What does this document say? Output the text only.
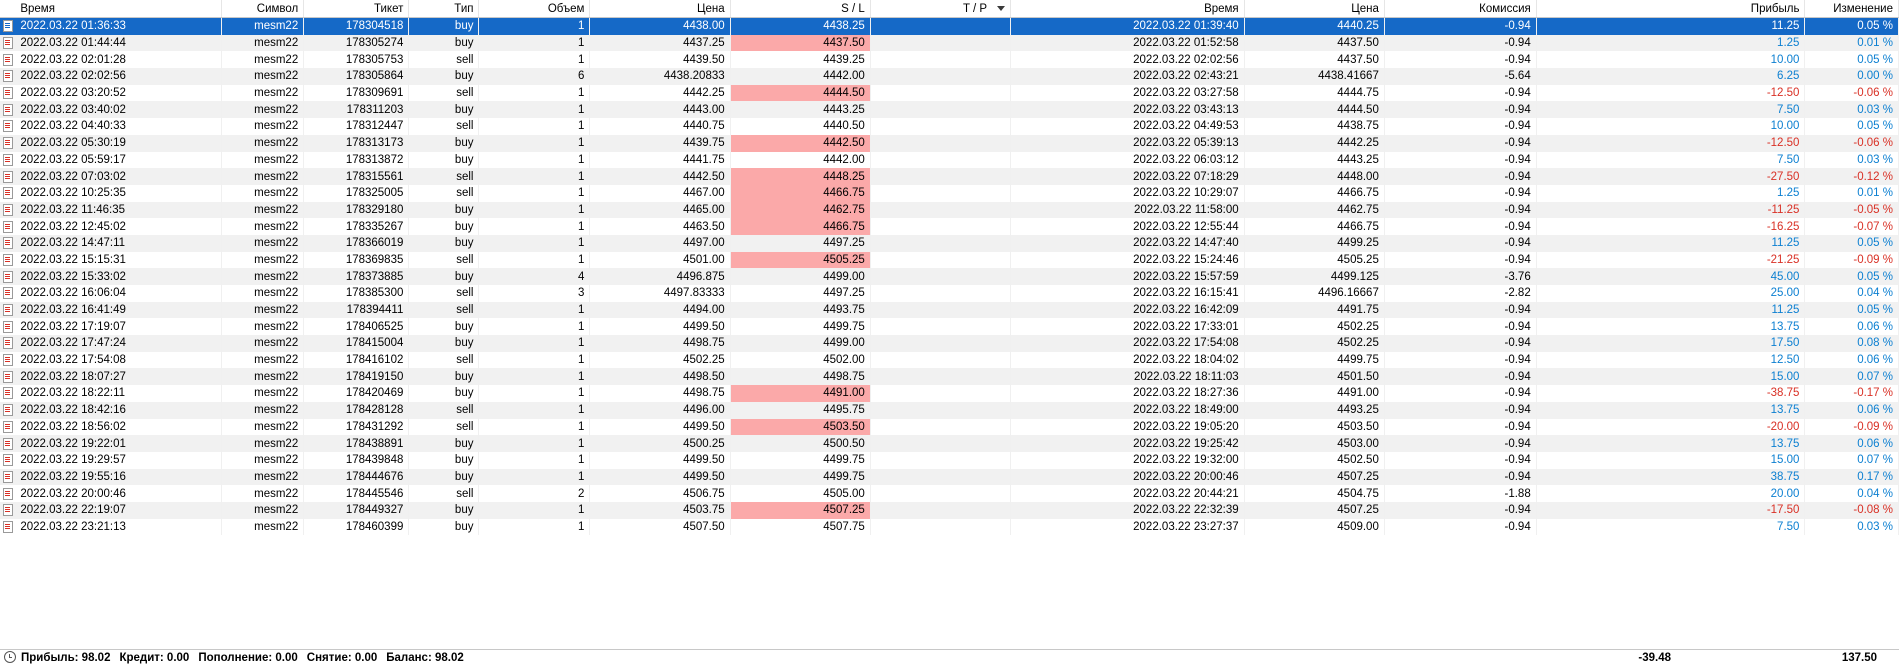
	Время	Символ	Тикет	Тип	Объем	Цена	S / L	T / P	Время	Цена	Комиссия	Прибыль	Изменение
	2022.03.22 01:36:33	mesm22	178304518	buy	1	4438.00	4438.25		2022.03.22 01:39:40	4440.25	-0.94	11.25	0.05 %
	2022.03.22 01:44:44	mesm22	178305274	buy	1	4437.25	4437.50		2022.03.22 01:52:58	4437.50	-0.94	1.25	0.01 %
	2022.03.22 02:01:28	mesm22	178305753	sell	1	4439.50	4439.25		2022.03.22 02:02:56	4437.50	-0.94	10.00	0.05 %
	2022.03.22 02:02:56	mesm22	178305864	buy	6	4438.20833	4442.00		2022.03.22 02:43:21	4438.41667	-5.64	6.25	0.00 %
	2022.03.22 03:20:52	mesm22	178309691	sell	1	4442.25	4444.50		2022.03.22 03:27:58	4444.75	-0.94	-12.50	-0.06 %
	2022.03.22 03:40:02	mesm22	178311203	buy	1	4443.00	4443.25		2022.03.22 03:43:13	4444.50	-0.94	7.50	0.03 %
	2022.03.22 04:40:33	mesm22	178312447	sell	1	4440.75	4440.50		2022.03.22 04:49:53	4438.75	-0.94	10.00	0.05 %
	2022.03.22 05:30:19	mesm22	178313173	buy	1	4439.75	4442.50		2022.03.22 05:39:13	4442.25	-0.94	-12.50	-0.06 %
	2022.03.22 05:59:17	mesm22	178313872	buy	1	4441.75	4442.00		2022.03.22 06:03:12	4443.25	-0.94	7.50	0.03 %
	2022.03.22 07:03:02	mesm22	178315561	sell	1	4442.50	4448.25		2022.03.22 07:18:29	4448.00	-0.94	-27.50	-0.12 %
	2022.03.22 10:25:35	mesm22	178325005	sell	1	4467.00	4466.75		2022.03.22 10:29:07	4466.75	-0.94	1.25	0.01 %
	2022.03.22 11:46:35	mesm22	178329180	buy	1	4465.00	4462.75		2022.03.22 11:58:00	4462.75	-0.94	-11.25	-0.05 %
	2022.03.22 12:45:02	mesm22	178335267	buy	1	4463.50	4466.75		2022.03.22 12:55:44	4466.75	-0.94	-16.25	-0.07 %
	2022.03.22 14:47:11	mesm22	178366019	buy	1	4497.00	4497.25		2022.03.22 14:47:40	4499.25	-0.94	11.25	0.05 %
	2022.03.22 15:15:31	mesm22	178369835	sell	1	4501.00	4505.25		2022.03.22 15:24:46	4505.25	-0.94	-21.25	-0.09 %
	2022.03.22 15:33:02	mesm22	178373885	buy	4	4496.875	4499.00		2022.03.22 15:57:59	4499.125	-3.76	45.00	0.05 %
	2022.03.22 16:06:04	mesm22	178385300	sell	3	4497.83333	4497.25		2022.03.22 16:15:41	4496.16667	-2.82	25.00	0.04 %
	2022.03.22 16:41:49	mesm22	178394411	sell	1	4494.00	4493.75		2022.03.22 16:42:09	4491.75	-0.94	11.25	0.05 %
	2022.03.22 17:19:07	mesm22	178406525	buy	1	4499.50	4499.75		2022.03.22 17:33:01	4502.25	-0.94	13.75	0.06 %
	2022.03.22 17:47:24	mesm22	178415004	buy	1	4498.75	4499.00		2022.03.22 17:54:08	4502.25	-0.94	17.50	0.08 %
	2022.03.22 17:54:08	mesm22	178416102	sell	1	4502.25	4502.00		2022.03.22 18:04:02	4499.75	-0.94	12.50	0.06 %
	2022.03.22 18:07:27	mesm22	178419150	buy	1	4498.50	4498.75		2022.03.22 18:11:03	4501.50	-0.94	15.00	0.07 %
	2022.03.22 18:22:11	mesm22	178420469	buy	1	4498.75	4491.00		2022.03.22 18:27:36	4491.00	-0.94	-38.75	-0.17 %
	2022.03.22 18:42:16	mesm22	178428128	sell	1	4496.00	4495.75		2022.03.22 18:49:00	4493.25	-0.94	13.75	0.06 %
	2022.03.22 18:56:02	mesm22	178431292	sell	1	4499.50	4503.50		2022.03.22 19:05:20	4503.50	-0.94	-20.00	-0.09 %
	2022.03.22 19:22:01	mesm22	178438891	buy	1	4500.25	4500.50		2022.03.22 19:25:42	4503.00	-0.94	13.75	0.06 %
	2022.03.22 19:29:57	mesm22	178439848	buy	1	4499.50	4499.75		2022.03.22 19:32:00	4502.50	-0.94	15.00	0.07 %
	2022.03.22 19:55:16	mesm22	178444676	buy	1	4499.50	4499.75		2022.03.22 20:00:46	4507.25	-0.94	38.75	0.17 %
	2022.03.22 20:00:46	mesm22	178445546	sell	2	4506.75	4505.00		2022.03.22 20:44:21	4504.75	-1.88	20.00	0.04 %
	2022.03.22 22:19:07	mesm22	178449327	buy	1	4503.75	4507.25		2022.03.22 22:32:39	4507.25	-0.94	-17.50	-0.08 %
	2022.03.22 23:21:13	mesm22	178460399	buy	1	4507.50	4507.75		2022.03.22 23:27:37	4509.00	-0.94	7.50	0.03 %
Прибыль: 98.02 Кредит: 0.00 Пополнение: 0.00 Снятие: 0.00 Баланс: 98.02	-39.48	137.50
